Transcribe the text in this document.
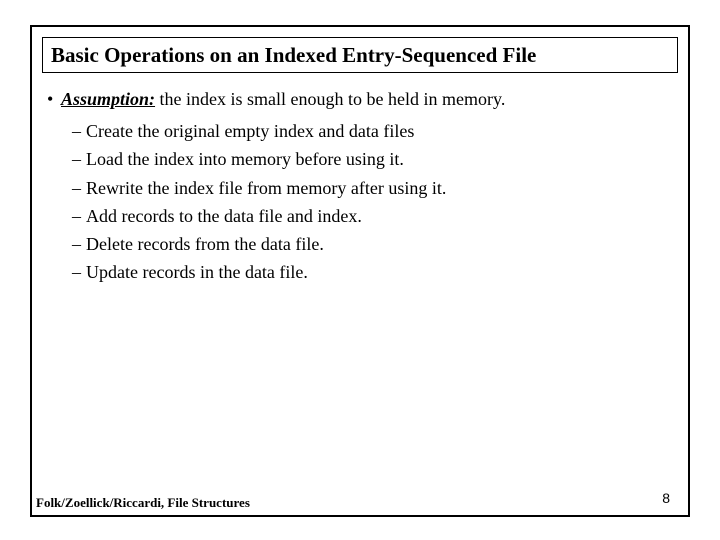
Basic Operations on an Indexed Entry-Sequenced File
• Assumption: the index is small enough to be held in memory.
– Create the original empty index and data files
– Load the index into memory before using it.
– Rewrite the index file from memory after using it.
– Add records to the data file and index.
– Delete records from the data file.
– Update records in the data file.
Folk/Zoellick/Riccardi, File Structures	8
